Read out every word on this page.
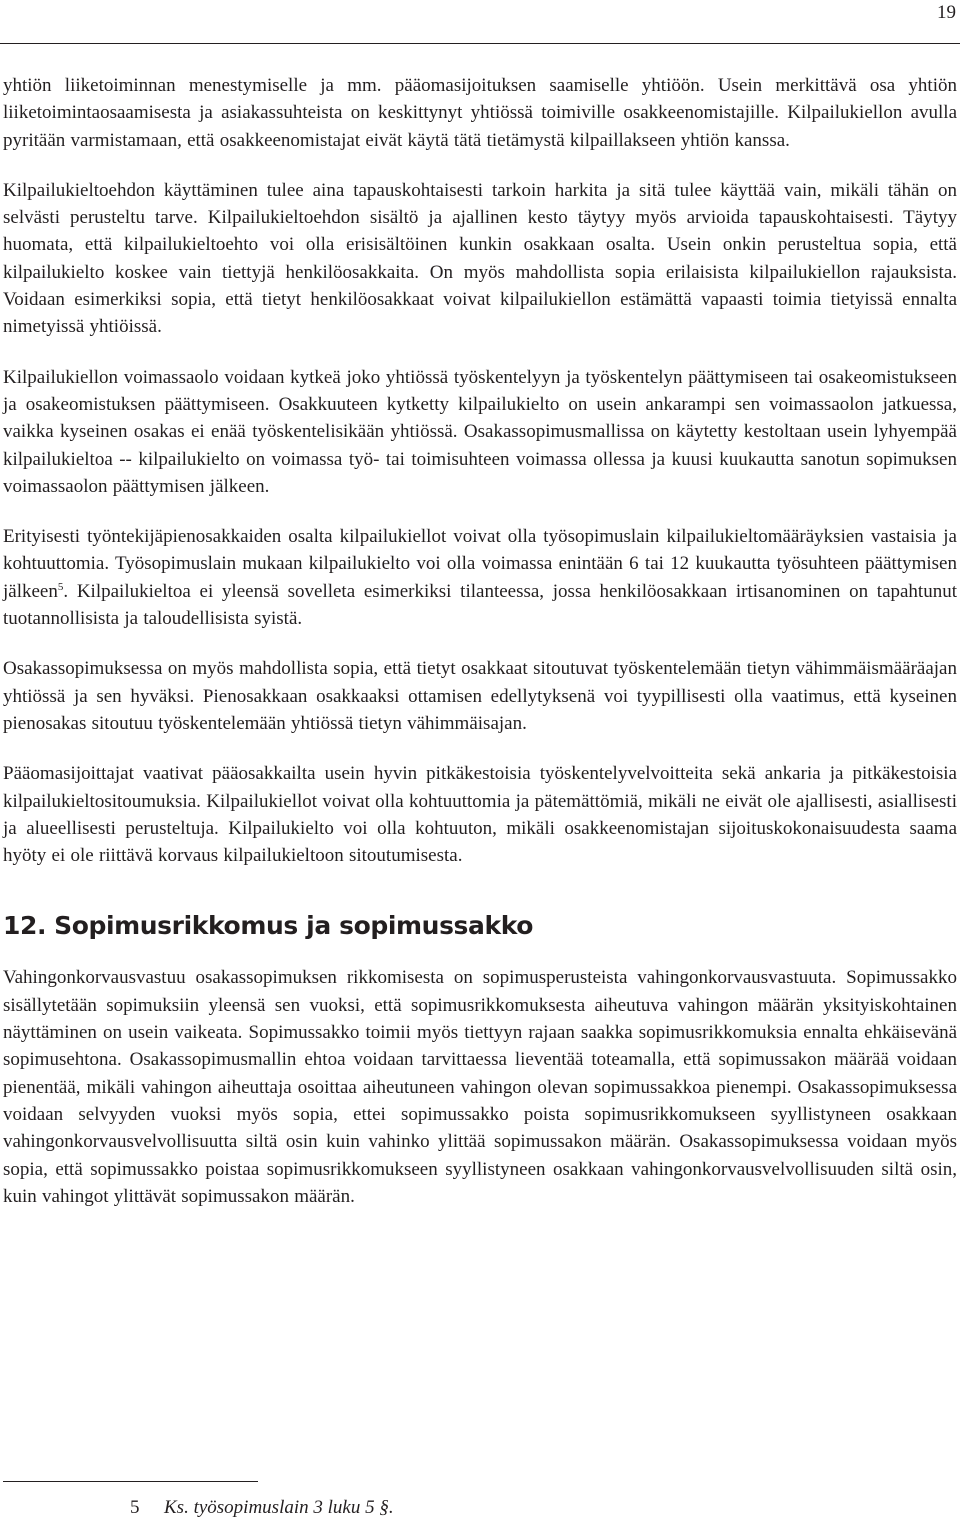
19

yhtiön liiketoiminnan menestymiselle ja mm. pääomasijoituksen saamiselle yhtiöön. Usein merkittävä osa yhtiön liiketoimintaosaamisesta ja asiakassuhteista on keskittynyt yhtiössä toimiville osakkeenomistajille. Kilpailukiellon avulla pyritään varmistamaan, että osakkeenomistajat eivät käytä tätä tietämystä kilpaillakseen yhtiön kanssa.

Kilpailukieltoehdon käyttäminen tulee aina tapauskohtaisesti tarkoin harkita ja sitä tulee käyttää vain, mikäli tähän on selvästi perusteltu tarve. Kilpailukieltoehdon sisältö ja ajallinen kesto täytyy myös arvioida tapauskohtaisesti. Täytyy huomata, että kilpailukieltoehto voi olla erisisältöinen kunkin osakkaan osalta. Usein onkin perusteltua sopia, että kilpailukielto koskee vain tiettyjä henkilöosakkaita. On myös mahdollista sopia erilaisista kilpailukiellon rajauksista. Voidaan esimerkiksi sopia, että tietyt henkilöosakkaat voivat kilpailukiellon estämättä vapaasti toimia tietyissä ennalta nimetyissä yhtiöissä.

Kilpailukiellon voimassaolo voidaan kytkeä joko yhtiössä työskentelyyn ja työskentelyn päättymiseen tai osakeomistukseen ja osakeomistuksen päättymiseen. Osakkuuteen kytketty kilpailukielto on usein ankarampi sen voimassaolon jatkuessa, vaikka kyseinen osakas ei enää työskentelisikään yhtiössä. Osakassopimusmallissa on käytetty kestoltaan usein lyhyempää kilpailukieltoa -- kilpailukielto on voimassa työ- tai toimisuhteen voimassa ollessa ja kuusi kuukautta sanotun sopimuksen voimassaolon päättymisen jälkeen.

Erityisesti työntekijäpienosakkaiden osalta kilpailukiellot voivat olla työsopimuslain kilpailukieltomääräyksien vastaisia ja kohtuuttomia. Työsopimuslain mukaan kilpailukielto voi olla voimassa enintään 6 tai 12 kuukautta työsuhteen päättymisen jälkeen$^5$. Kilpailukieltoa ei yleensä sovelleta esimerkiksi tilanteessa, jossa henkilöosakkaan irtisanominen on tapahtunut tuotannollisista ja taloudellisista syistä.

Osakassopimuksessa on myös mahdollista sopia, että tietyt osakkaat sitoutuvat työskentelemään tietyn vähimmäismääräajan yhtiössä ja sen hyväksi. Pienosakkaan osakkaaksi ottamisen edellytyksenä voi tyypillisesti olla vaatimus, että kyseinen pienosakas sitoutuu työskentelemään yhtiössä tietyn vähimmäisajan.

Pääomasijoittajat vaativat pääosakkailta usein hyvin pitkäkestoisia työskentelyvelvoitteita sekä ankaria ja pitkäkestoisia kilpailukieltositoumuksia. Kilpailukiellot voivat olla kohtuuttomia ja pätemättömiä, mikäli ne eivät ole ajallisesti, asiallisesti ja alueellisesti perusteltuja. Kilpailukielto voi olla kohtuuton, mikäli osakkeenomistajan sijoituskokonaisuudesta saama hyöty ei ole riittävä korvaus kilpailukieltoon sitoutumisesta.

12. Sopimusrikkomus ja sopimussakko

Vahingonkorvausvastuu osakassopimuksen rikkomisesta on sopimusperusteista vahingonkorvausvastuuta. Sopimussakko sisällytetään sopimuksiin yleensä sen vuoksi, että sopimusrikkomuksesta aiheutuva vahingon määrän yksityiskohtainen näyttäminen on usein vaikeata. Sopimussakko toimii myös tiettyyn rajaan saakka sopimusrikkomuksia ennalta ehkäisevänä sopimusehtona. Osakassopimusmallin ehtoa voidaan tarvittaessa lieventää toteamalla, että sopimussakon määrää voidaan pienentää, mikäli vahingon aiheuttaja osoittaa aiheutuneen vahingon olevan sopimussakkoa pienempi. Osakassopimuksessa voidaan selvyyden vuoksi myös sopia, ettei sopimussakko poista sopimusrikkomukseen syyllistyneen osakkaan vahingonkorvausvelvollisuutta siltä osin kuin vahinko ylittää sopimussakon määrän. Osakassopimuksessa voidaan myös sopia, että sopimussakko poistaa sopimusrikkomukseen syyllistyneen osakkaan vahingonkorvausvelvollisuuden siltä osin, kuin vahingot ylittävät sopimussakon määrän.

5 Ks. työsopimuslain 3 luku 5 §.
